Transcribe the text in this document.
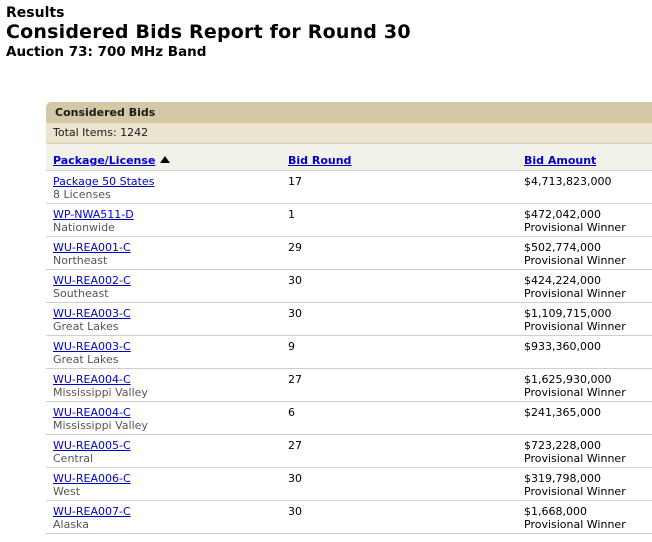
Results
Considered Bids Report for Round 30
Auction 73: 700 MHz Band
Considered Bids
Total Items: 1242
Package/License	Bid Round	Bid Amount
Package 50 States
8 Licenses
17	$4,713,823,000
WP-NWA511-D
Nationwide
1	$472,042,000
Provisional Winner
WU-REA001-C
Northeast
29	$502,774,000
Provisional Winner
WU-REA002-C
Southeast
30	$424,224,000
Provisional Winner
WU-REA003-C
Great Lakes
30	$1,109,715,000
Provisional Winner
WU-REA003-C
Great Lakes
9	$933,360,000
WU-REA004-C
Mississippi Valley
27	$1,625,930,000
Provisional Winner
WU-REA004-C
Mississippi Valley
6	$241,365,000
WU-REA005-C
Central
27	$723,228,000
Provisional Winner
WU-REA006-C
West
30	$319,798,000
Provisional Winner
WU-REA007-C
Alaska
30	$1,668,000
Provisional Winner
